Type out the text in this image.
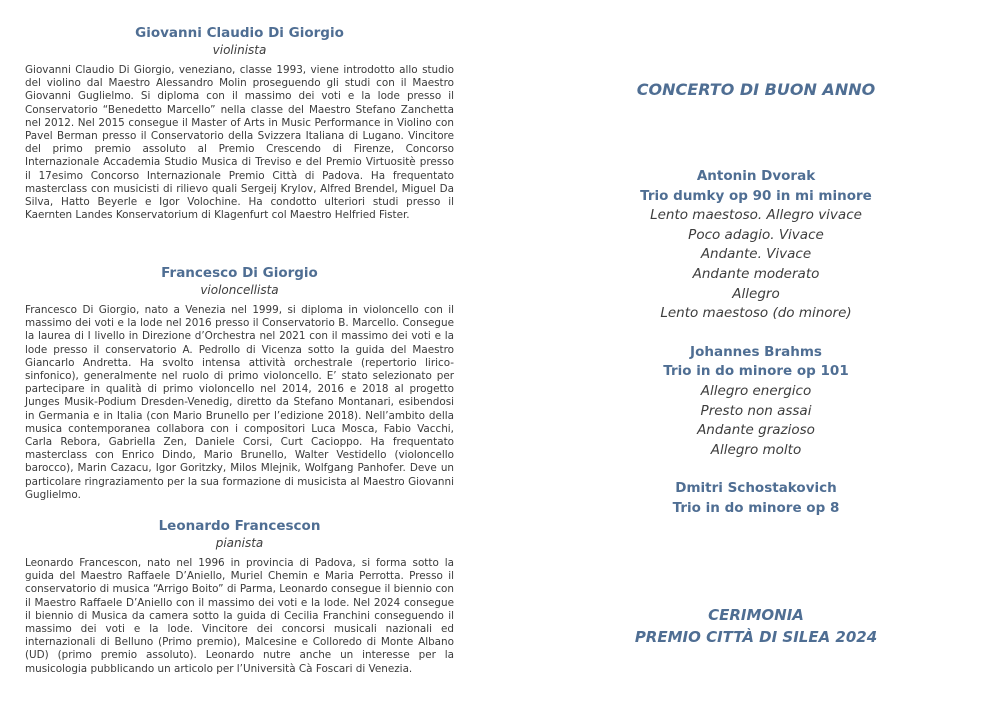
Giovanni Claudio Di Giorgio
violinista

Giovanni Claudio Di Giorgio, veneziano, classe 1993, viene introdotto allo studio del violino dal Maestro Alessandro Molin proseguendo gli studi con il Maestro Giovanni Guglielmo. Si diploma con il massimo dei voti e la lode presso il Conservatorio “Benedetto Marcello” nella classe del Maestro Stefano Zanchetta nel 2012. Nel 2015 consegue il Master of Arts in Music Performance in Violino con Pavel Berman presso il Conservatorio della Svizzera Italiana di Lugano. Vincitore del primo premio assoluto al Premio Crescendo di Firenze, Concorso Internazionale Accademia Studio Musica di Treviso e del Premio Virtuositè presso il 17esimo Concorso Internazionale Premio Città di Padova. Ha frequentato masterclass con musicisti di rilievo quali Sergeij Krylov, Alfred Brendel, Miguel Da Silva, Hatto Beyerle e Igor Volochine. Ha condotto ulteriori studi presso il Kaernten Landes Konservatorium di Klagenfurt col Maestro Helfried Fister.

Francesco Di Giorgio
violoncellista

Francesco Di Giorgio, nato a Venezia nel 1999, si diploma in violoncello con il massimo dei voti e la lode nel 2016 presso il Conservatorio B. Marcello. Consegue la laurea di I livello in Direzione d’Orchestra nel 2021 con il massimo dei voti e la lode presso il conservatorio A. Pedrollo di Vicenza sotto la guida del Maestro Giancarlo Andretta. Ha svolto intensa attività orchestrale (repertorio lirico-sinfonico), generalmente nel ruolo di primo violoncello. E’ stato selezionato per partecipare in qualità di primo violoncello nel 2014, 2016 e 2018 al progetto Junges Musik-Podium Dresden-Venedig, diretto da Stefano Montanari, esibendosi in Germania e in Italia (con Mario Brunello per l’edizione 2018). Nell’ambito della musica contemporanea collabora con i compositori Luca Mosca, Fabio Vacchi, Carla Rebora, Gabriella Zen, Daniele Corsi, Curt Cacioppo. Ha frequentato masterclass con Enrico Dindo, Mario Brunello, Walter Vestidello (violoncello barocco), Marin Cazacu, Igor Goritzky, Milos Mlejnik, Wolfgang Panhofer. Deve un particolare ringraziamento per la sua formazione di musicista al Maestro Giovanni Guglielmo.

Leonardo Francescon
pianista

Leonardo Francescon, nato nel 1996 in provincia di Padova, si forma sotto la guida del Maestro Raffaele D’Aniello, Muriel Chemin e Maria Perrotta. Presso il conservatorio di musica “Arrigo Boito” di Parma, Leonardo consegue il biennio con il Maestro Raffaele D’Aniello con il massimo dei voti e la lode. Nel 2024 consegue il biennio di Musica da camera sotto la guida di Cecilia Franchini conseguendo il massimo dei voti e la lode. Vincitore dei concorsi musicali nazionali ed internazionali di Belluno (Primo premio), Malcesine e Colloredo di Monte Albano (UD) (primo premio assoluto). Leonardo nutre anche un interesse per la musicologia pubblicando un articolo per l’Università Cà Foscari di Venezia.

CONCERTO DI BUON ANNO

Antonin Dvorak

Trio dumky op 90 in mi minore

Lento maestoso. Allegro vivace

Poco adagio. Vivace

Andante. Vivace

Andante moderato

Allegro

Lento maestoso (do minore)

Johannes Brahms

Trio in do minore op 101

Allegro energico

Presto non assai

Andante grazioso

Allegro molto

Dmitri Schostakovich

Trio in do minore op 8

CERIMONIA
PREMIO CITTÀ DI SILEA 2024
